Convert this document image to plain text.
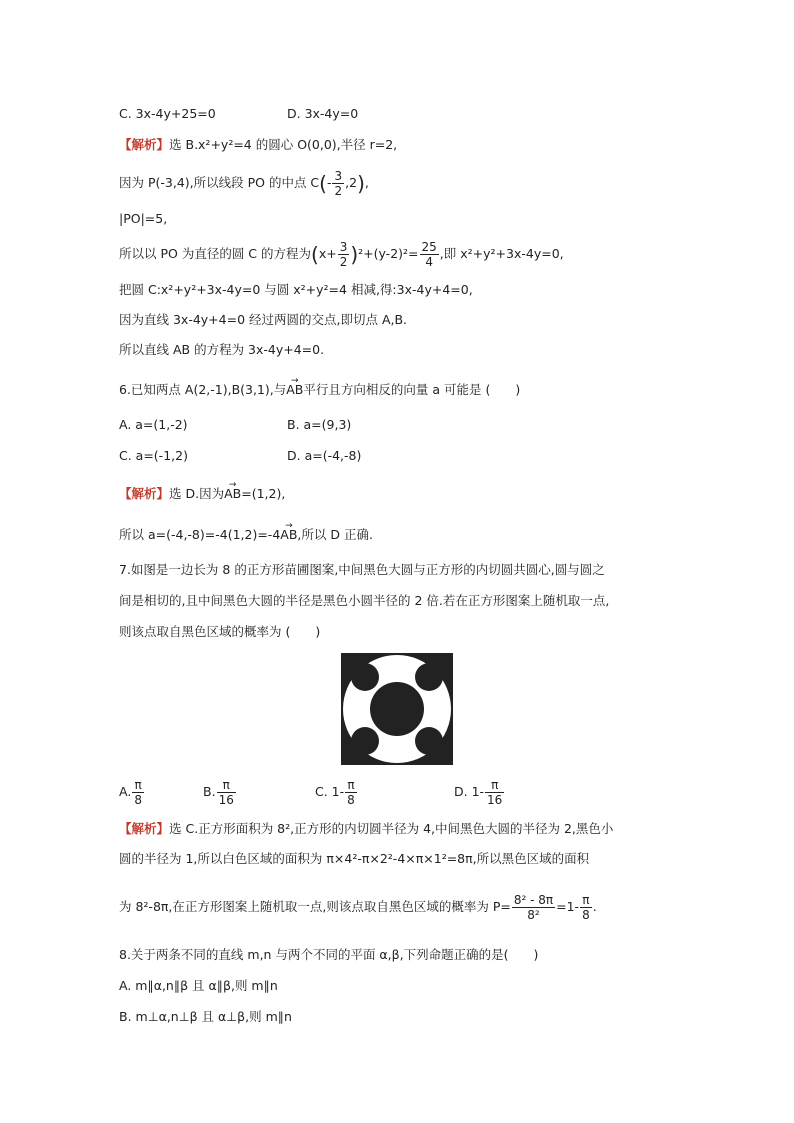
C. 3x-4y+25=0	D. 3x-4y=0
【解析】选 B.x²+y²=4 的圆心 O(0,0),半径 r=2,
因为 P(-3,4),所以线段 PO 的中点 $C(- \frac{3}{2} ,2)$,
|PO|=5,
所以以 PO 为直径的圆 C 的方程为$(x+ \frac{3}{2} )^2+(y-2)^2= \frac{25}{4}$ ,即 x²+y²+3x-4y=0,
把圆 C:x²+y²+3x-4y=0 与圆 x²+y²=4 相减,得:3x-4y+4=0,
因为直线 3x-4y+4=0 经过两圆的交点,即切点 A,B.
所以直线 AB 的方程为 3x-4y+4=0.
6.已知两点 A(2,-1),B(3,1),与→ AB平行且方向相反的向量 a 可能是 (　　)
A. a=(1,-2)	B. a=(9,3)
C. a=(-1,2)	D. a=(-4,-8)
【解析】选 D.因为→ AB=(1,2),
所以 a=(-4,-8)=-4(1,2)=-4→ AB,所以 D 正确.
7.如图是一边长为 8 的正方形苗圃图案,中间黑色大圆与正方形的内切圆共圆心,圆与圆之
间是相切的,且中间黑色大圆的半径是黑色小圆半径的 2 倍.若在正方形图案上随机取一点,
则该点取自黑色区域的概率为 (　　)
A. $\frac{\pi}{8}$	B. $\frac{\pi}{16}$	C. $1- \frac{\pi}{8}$	D. $1- \frac{\pi}{16}$
【解析】选 C.正方形面积为 8²,正方形的内切圆半径为 4,中间黑色大圆的半径为 2,黑色小
圆的半径为 1,所以白色区域的面积为 π×4²-π×2²-4×π×1²=8π,所以黑色区域的面积
为 8²-8π,在正方形图案上随机取一点,则该点取自黑色区域的概率为 $P= \frac{\text{8² - 8π}}{\text{8²}} =1- \frac{\pi}{8}$ .
8.关于两条不同的直线 m,n 与两个不同的平面 α,β,下列命题正确的是(　　)
A. m∥α,n∥β 且 α∥β,则 m∥n
B. m⊥α,n⊥β 且 α⊥β,则 m∥n
